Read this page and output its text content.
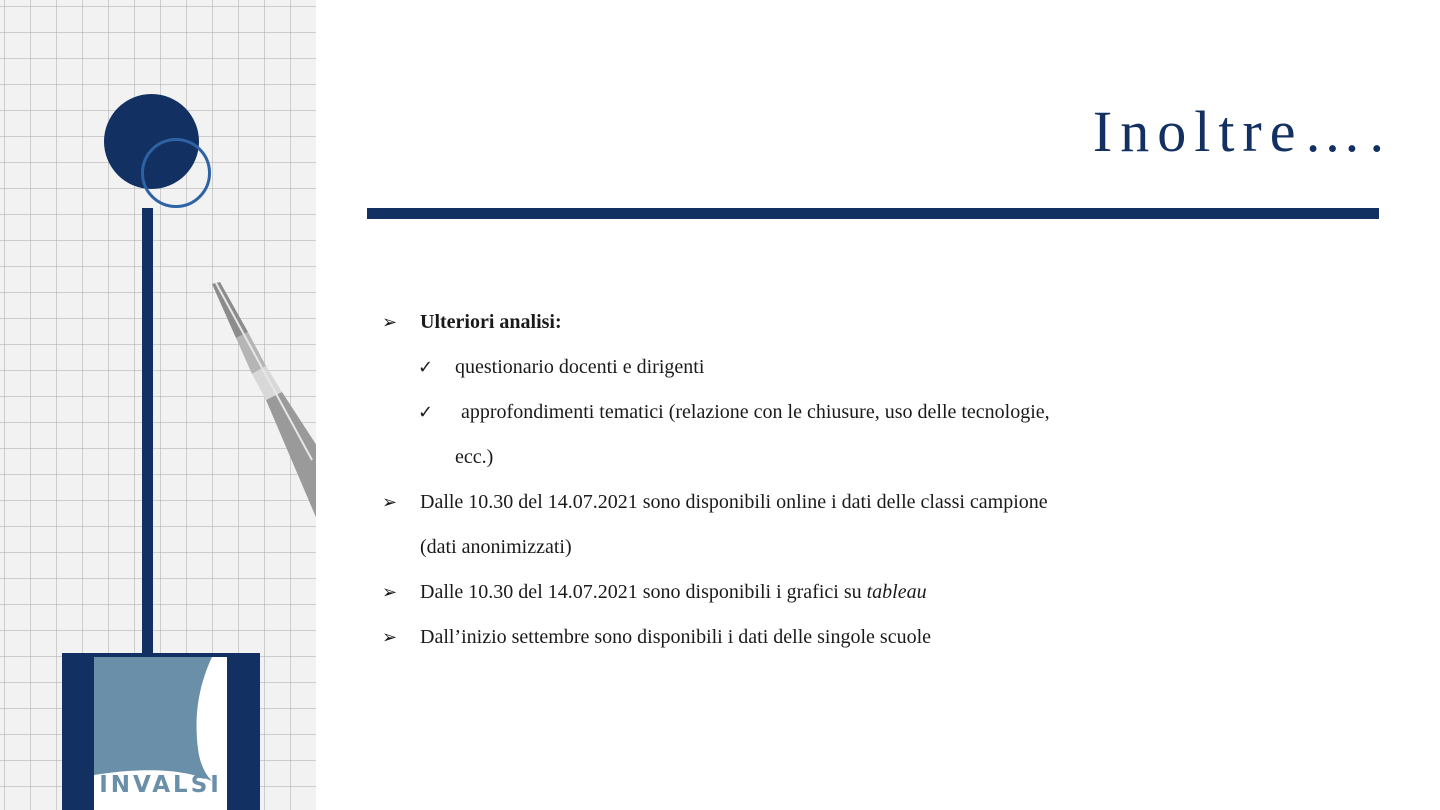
INVALSI
Inoltre….
➢ Ulteriori analisi:
✓ questionario docenti e dirigenti
✓ approfondimenti tematici (relazione con le chiusure, uso delle tecnologie,
ecc.)
➢ Dalle 10.30 del 14.07.2021 sono disponibili online i dati delle classi campione
(dati anonimizzati)
➢ Dalle 10.30 del 14.07.2021 sono disponibili i grafici su tableau
➢ Dall’inizio settembre sono disponibili i dati delle singole scuole
